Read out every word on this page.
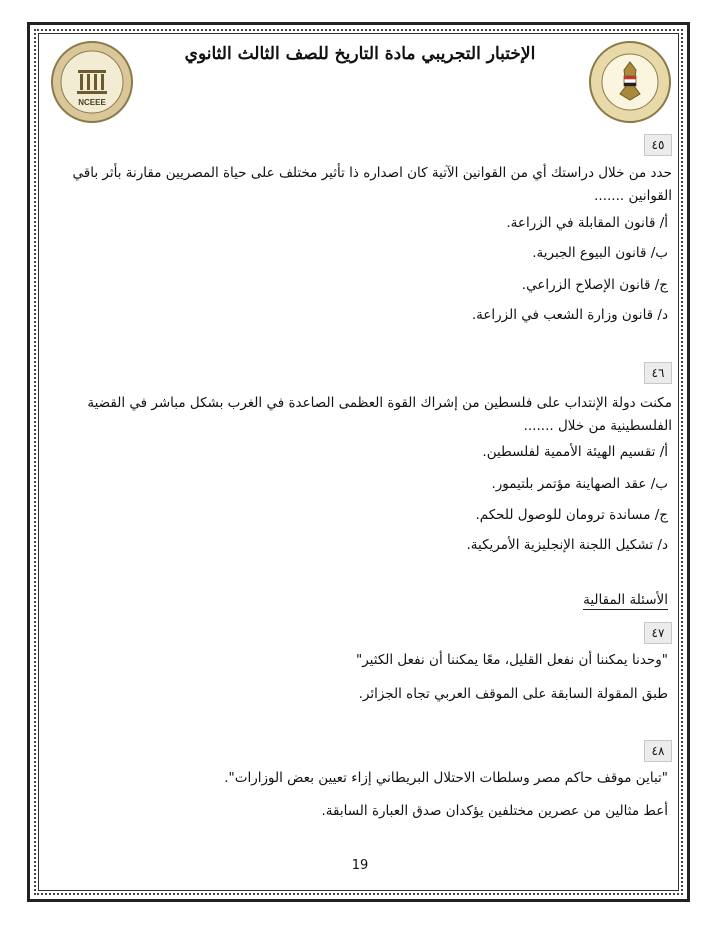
NCEEE
الإختبار التجريبي مادة التاريخ للصف الثالث الثانوي
٤٥
حدد من خلال دراستك أي من القوانين الآتية كان اصداره ذا تأثير مختلف على حياة المصريين مقارنة بأثر باقي القوانين .......
أ/ قانون المقابلة في الزراعة.
ب/ قانون البيوع الجبرية.
ج/ قانون الإصلاح الزراعي.
د/ قانون وزارة الشعب في الزراعة.
٤٦
مكنت دولة الإنتداب على فلسطين من إشراك القوة العظمى الصاعدة في الغرب بشكل مباشر في القضية الفلسطينية من خلال .......
أ/ تقسيم الهيئة الأممية لفلسطين.
ب/ عقد الصهاينة مؤتمر بلتيمور.
ج/ مساندة ترومان للوصول للحكم.
د/ تشكيل اللجنة الإنجليزية الأمريكية.
الأسئلة المقالية
٤٧
"وحدنا يمكننا أن نفعل القليل، معًا يمكننا أن نفعل الكثير"
طبق المقولة السابقة على الموقف العربي تجاه الجزائر.
٤٨
"تباين موقف حاكم مصر وسلطات الاحتلال البريطاني إزاء تعيين بعض الوزارات".
أعط مثالين من عصرين مختلفين يؤكدان صدق العبارة السابقة.
19
